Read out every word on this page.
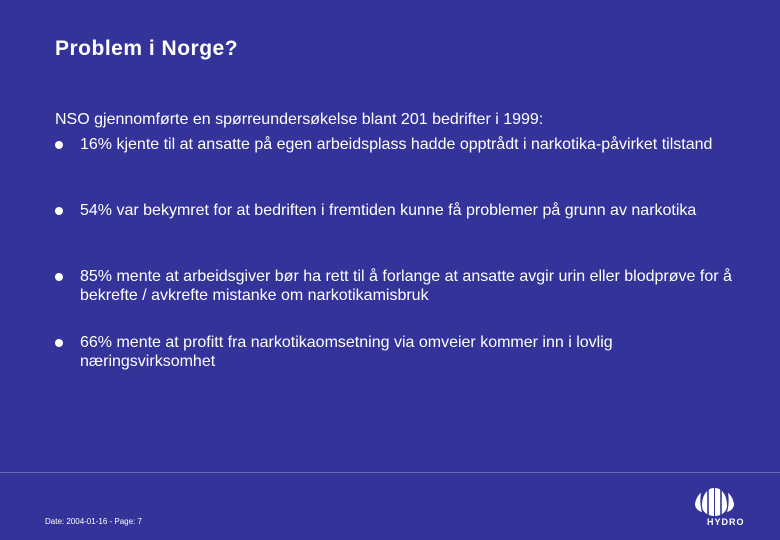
Problem i Norge?

NSO gjennomførte en spørreundersøkelse blant 201 bedrifter i 1999:

16% kjente til at ansatte på egen arbeidsplass hadde opptrådt i narkotika-påvirket tilstand
54% var bekymret for at bedriften i fremtiden kunne få problemer på grunn av narkotika
85% mente at arbeidsgiver bør ha rett til å forlange at ansatte avgir urin eller blodprøve for å bekrefte / avkrefte mistanke om narkotikamisbruk
66% mente at profitt fra narkotikaomsetning via omveier kommer inn i lovlig næringsvirksomhet
Date: 2004-01-16 - Page: 7	HYDRO
